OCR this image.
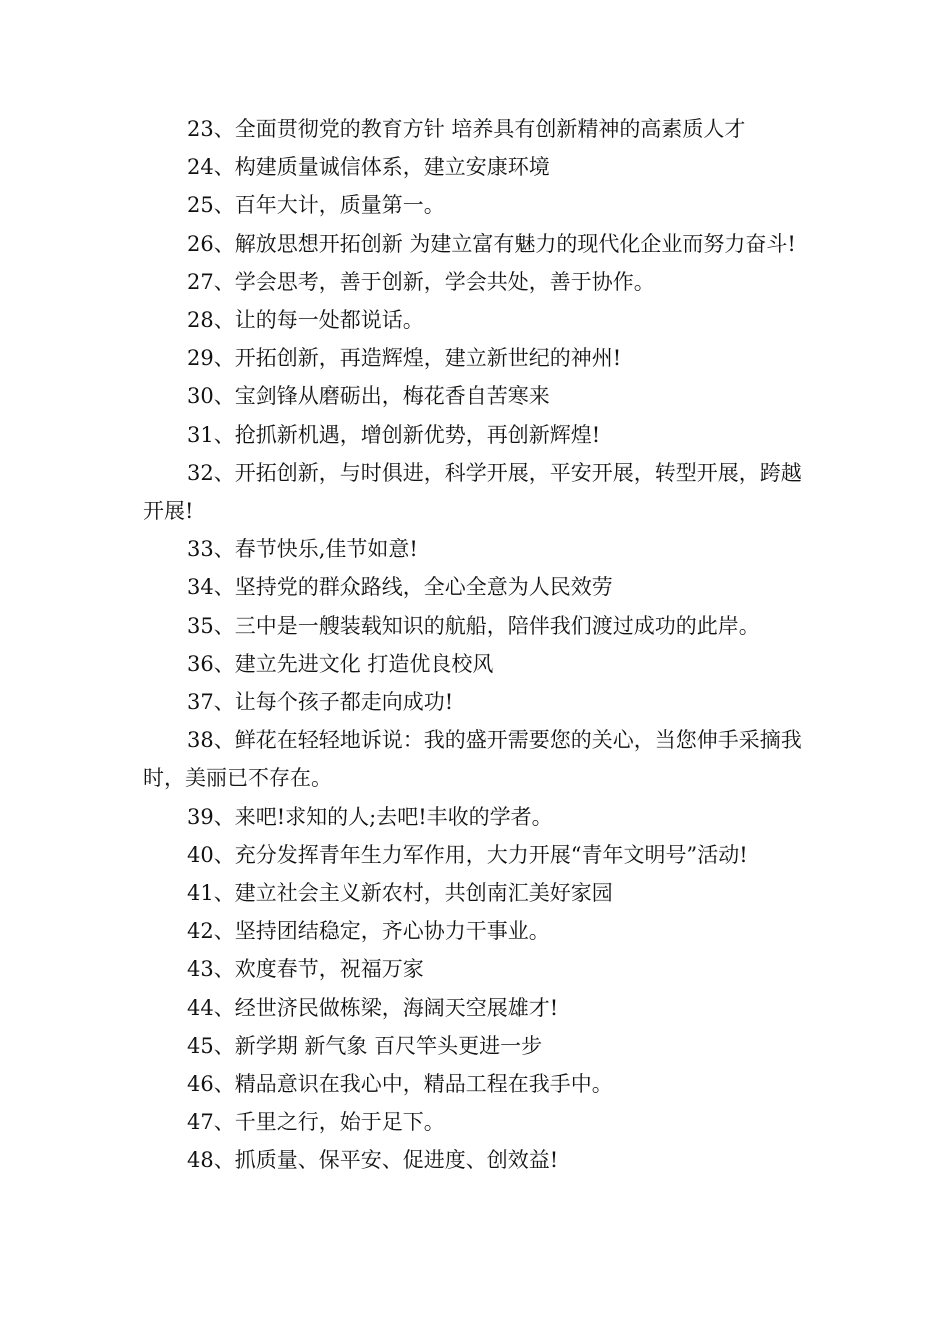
23、全面贯彻党的教育方针 培养具有创新精神的高素质人才

24、构建质量诚信体系，建立安康环境

25、百年大计，质量第一。

26、解放思想开拓创新 为建立富有魅力的现代化企业而努力奋斗!

27、学会思考，善于创新，学会共处，善于协作。

28、让的每一处都说话。

29、开拓创新，再造辉煌，建立新世纪的神州!

30、宝剑锋从磨砺出，梅花香自苦寒来

31、抢抓新机遇，增创新优势，再创新辉煌!

32、开拓创新，与时俱进，科学开展，平安开展，转型开展，跨越开展!

33、春节快乐,佳节如意!

34、坚持党的群众路线，全心全意为人民效劳

35、三中是一艘装载知识的航船，陪伴我们渡过成功的此岸。

36、建立先进文化 打造优良校风

37、让每个孩子都走向成功!

38、鲜花在轻轻地诉说：我的盛开需要您的关心，当您伸手采摘我时，美丽已不存在。

39、来吧!求知的人;去吧!丰收的学者。

40、充分发挥青年生力军作用，大力开展“青年文明号”活动!

41、建立社会主义新农村，共创南汇美好家园

42、坚持团结稳定，齐心协力干事业。

43、欢度春节，祝福万家

44、经世济民做栋梁，海阔天空展雄才!

45、新学期 新气象 百尺竿头更进一步

46、精品意识在我心中，精品工程在我手中。

47、千里之行，始于足下。

48、抓质量、保平安、促进度、创效益!
